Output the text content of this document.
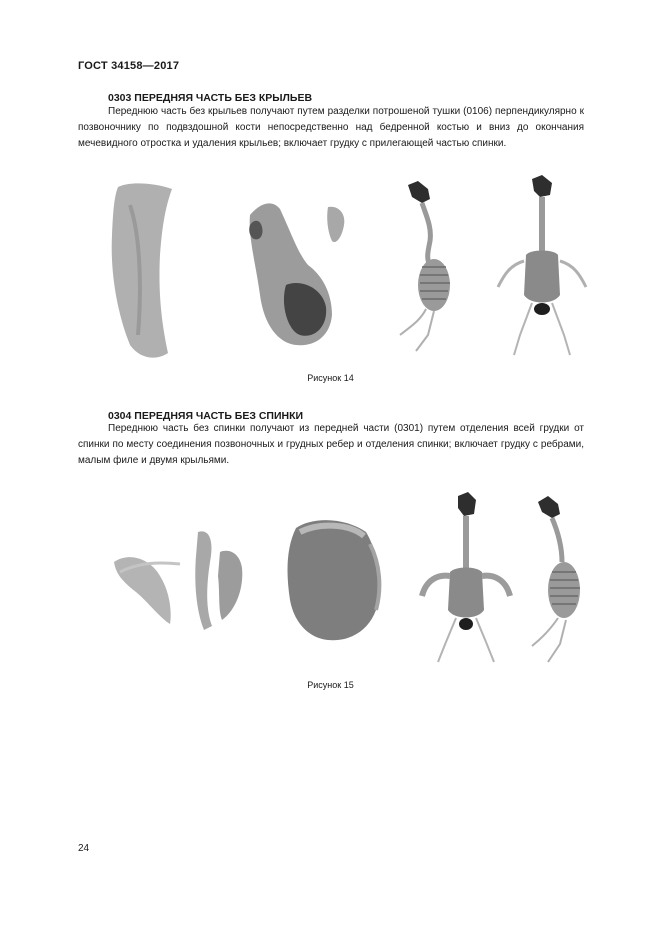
ГОСТ 34158—2017
0303 ПЕРЕДНЯЯ ЧАСТЬ БЕЗ КРЫЛЬЕВ
Переднюю часть без крыльев получают путем разделки потрошеной тушки (0106) перпендикулярно к позвоночнику по подвздошной кости непосредственно над бедренной костью и вниз до окончания мечевидного отростка и удаления крыльев; включает грудку с прилегающей частью спинки.
Рисунок 14
0304 ПЕРЕДНЯЯ ЧАСТЬ БЕЗ СПИНКИ
Переднюю часть без спинки получают из передней части (0301) путем отделения всей грудки от спинки по месту соединения позвоночных и грудных ребер и отделения спинки; включает грудку с ребрами, малым филе и двумя крыльями.
Рисунок 15
24
